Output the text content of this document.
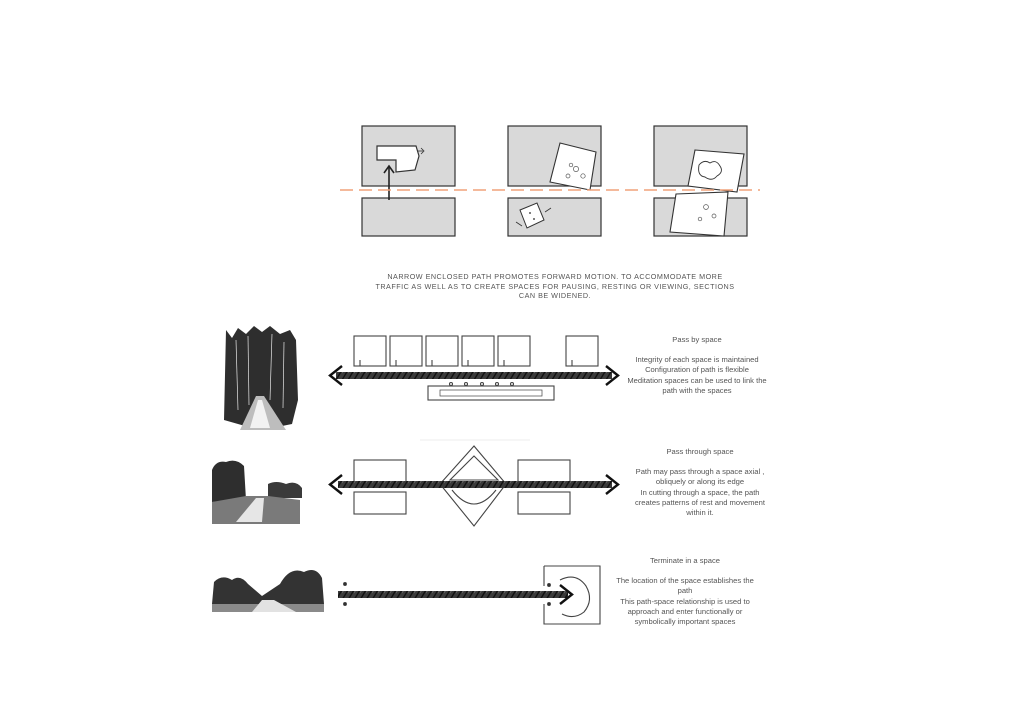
NARROW ENCLOSED PATH PROMOTES FORWARD MOTION. TO ACCOMMODATE MORE
TRAFFIC AS WELL AS TO CREATE SPACES FOR PAUSING, RESTING OR VIEWING, SECTIONS
CAN BE WIDENED.
Pass by space
Integrity of each space is maintained
Configuration of path is flexible
Meditation spaces can be used to link the
path with the spaces
Pass through space
Path may pass through a space axial ,
obliquely or along its edge
In cutting through a space, the path
creates patterns of rest and movement
within it.
Terminate in a space
The location of the space establishes the
path
This path-space relationship is used to
approach and enter functionally or
symbolically important spaces
